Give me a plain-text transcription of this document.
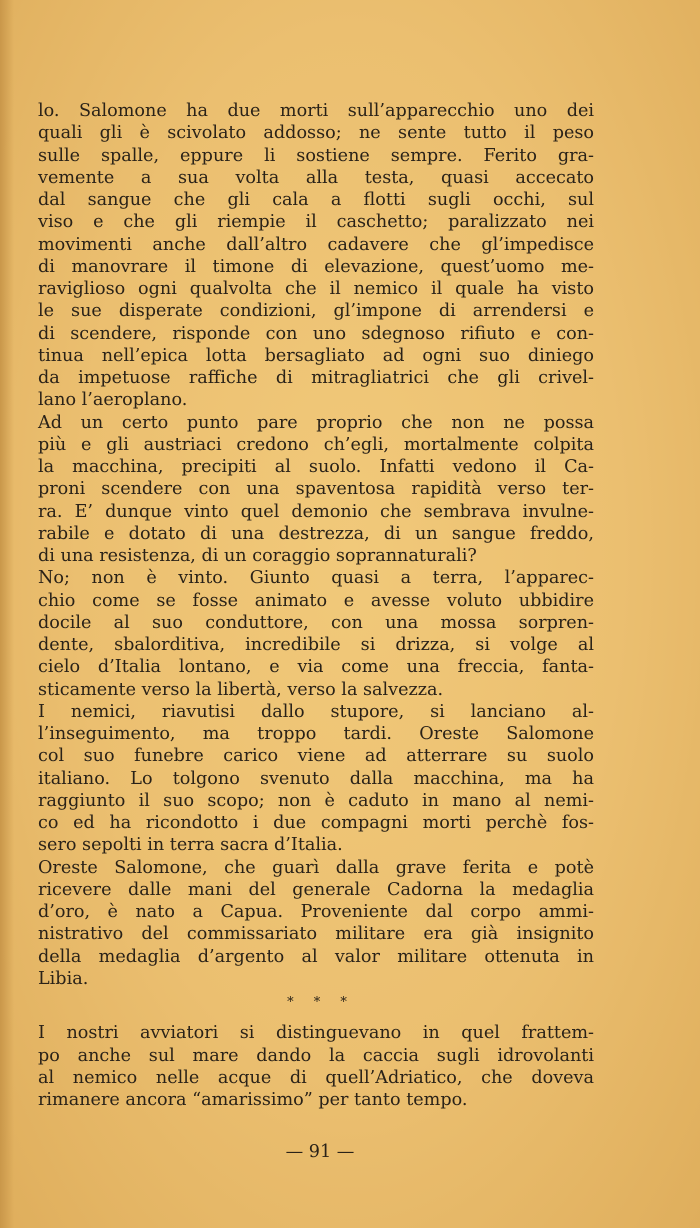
lo. Salomone ha due morti sull’apparecchio uno dei
quali gli è scivolato addosso; ne sente tutto il peso
sulle spalle, eppure li sostiene sempre. Ferito gra-
vemente a sua volta alla testa, quasi accecato
dal sangue che gli cala a flotti sugli occhi, sul
viso e che gli riempie il caschetto; paralizzato nei
movimenti anche dall’altro cadavere che gl’impedisce
di manovrare il timone di elevazione, quest’uomo me-
raviglioso ogni qualvolta che il nemico il quale ha visto
le sue disperate condizioni, gl’impone di arrendersi e
di scendere, risponde con uno sdegnoso rifiuto e con-
tinua nell’epica lotta bersagliato ad ogni suo diniego
da impetuose raffiche di mitragliatrici che gli crivel-
lano l’aeroplano.
Ad un certo punto pare proprio che non ne possa
più e gli austriaci credono ch’egli, mortalmente colpita
la macchina, precipiti al suolo. Infatti vedono il Ca-
proni scendere con una spaventosa rapidità verso ter-
ra. E’ dunque vinto quel demonio che sembrava invulne-
rabile e dotato di una destrezza, di un sangue freddo,
di una resistenza, di un coraggio soprannaturali?
No; non è vinto. Giunto quasi a terra, l’apparec-
chio come se fosse animato e avesse voluto ubbidire
docile al suo conduttore, con una mossa sorpren-
dente, sbalorditiva, incredibile si drizza, si volge al
cielo d’Italia lontano, e via come una freccia, fanta-
sticamente verso la libertà, verso la salvezza.
I nemici, riavutisi dallo stupore, si lanciano al-
l’inseguimento, ma troppo tardi. Oreste Salomone
col suo funebre carico viene ad atterrare su suolo
italiano. Lo tolgono svenuto dalla macchina, ma ha
raggiunto il suo scopo; non è caduto in mano al nemi-
co ed ha ricondotto i due compagni morti perchè fos-
sero sepolti in terra sacra d’Italia.
Oreste Salomone, che guarì dalla grave ferita e potè
ricevere dalle mani del generale Cadorna la medaglia
d’oro, è nato a Capua. Proveniente dal corpo ammi-
nistrativo del commissariato militare era già insignito
della medaglia d’argento al valor militare ottenuta in
Libia.
* * *
I nostri avviatori si distinguevano in quel frattem-
po anche sul mare dando la caccia sugli idrovolanti
al nemico nelle acque di quell’Adriatico, che doveva
rimanere ancora “amarissimo” per tanto tempo.
— 91 —
